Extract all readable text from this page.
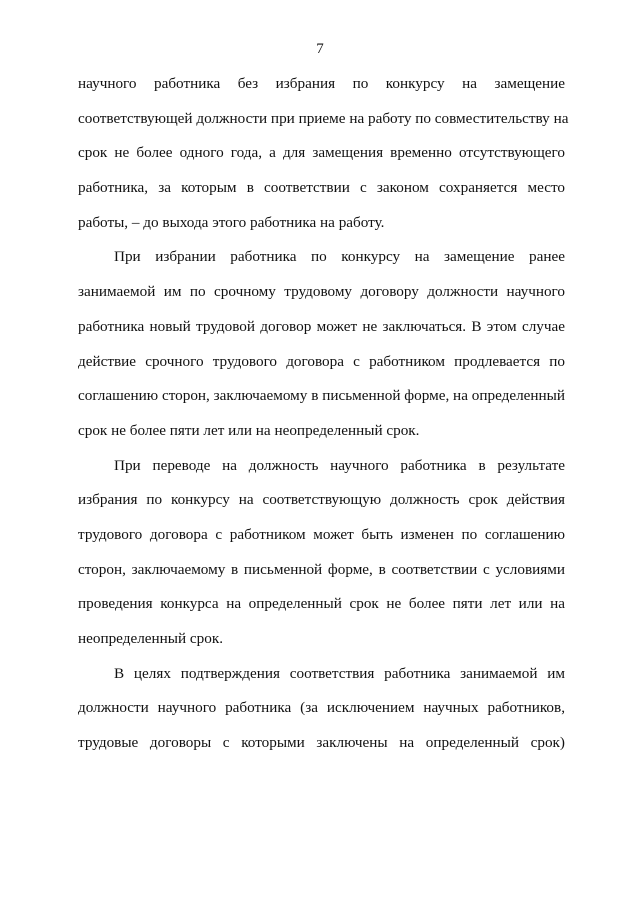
7

научного работника без избрания по конкурсу на замещение
соответствующей должности при приеме на работу по совместительству на
срок не более одного года, а для замещения временно отсутствующего
работника, за которым в соответствии с законом сохраняется место
работы, – до выхода этого работника на работу.

При избрании работника по конкурсу на замещение ранее
занимаемой им по срочному трудовому договору должности научного
работника новый трудовой договор может не заключаться. В этом случае
действие срочного трудового договора с работником продлевается по
соглашению сторон, заключаемому в письменной форме, на определенный
срок не более пяти лет или на неопределенный срок.

При переводе на должность научного работника в результате
избрания по конкурсу на соответствующую должность срок действия
трудового договора с работником может быть изменен по соглашению
сторон, заключаемому в письменной форме, в соответствии с условиями
проведения конкурса на определенный срок не более пяти лет или на
неопределенный срок.

В целях подтверждения соответствия работника занимаемой им
должности научного работника (за исключением научных работников,
трудовые договоры с которыми заключены на определенный срок)
